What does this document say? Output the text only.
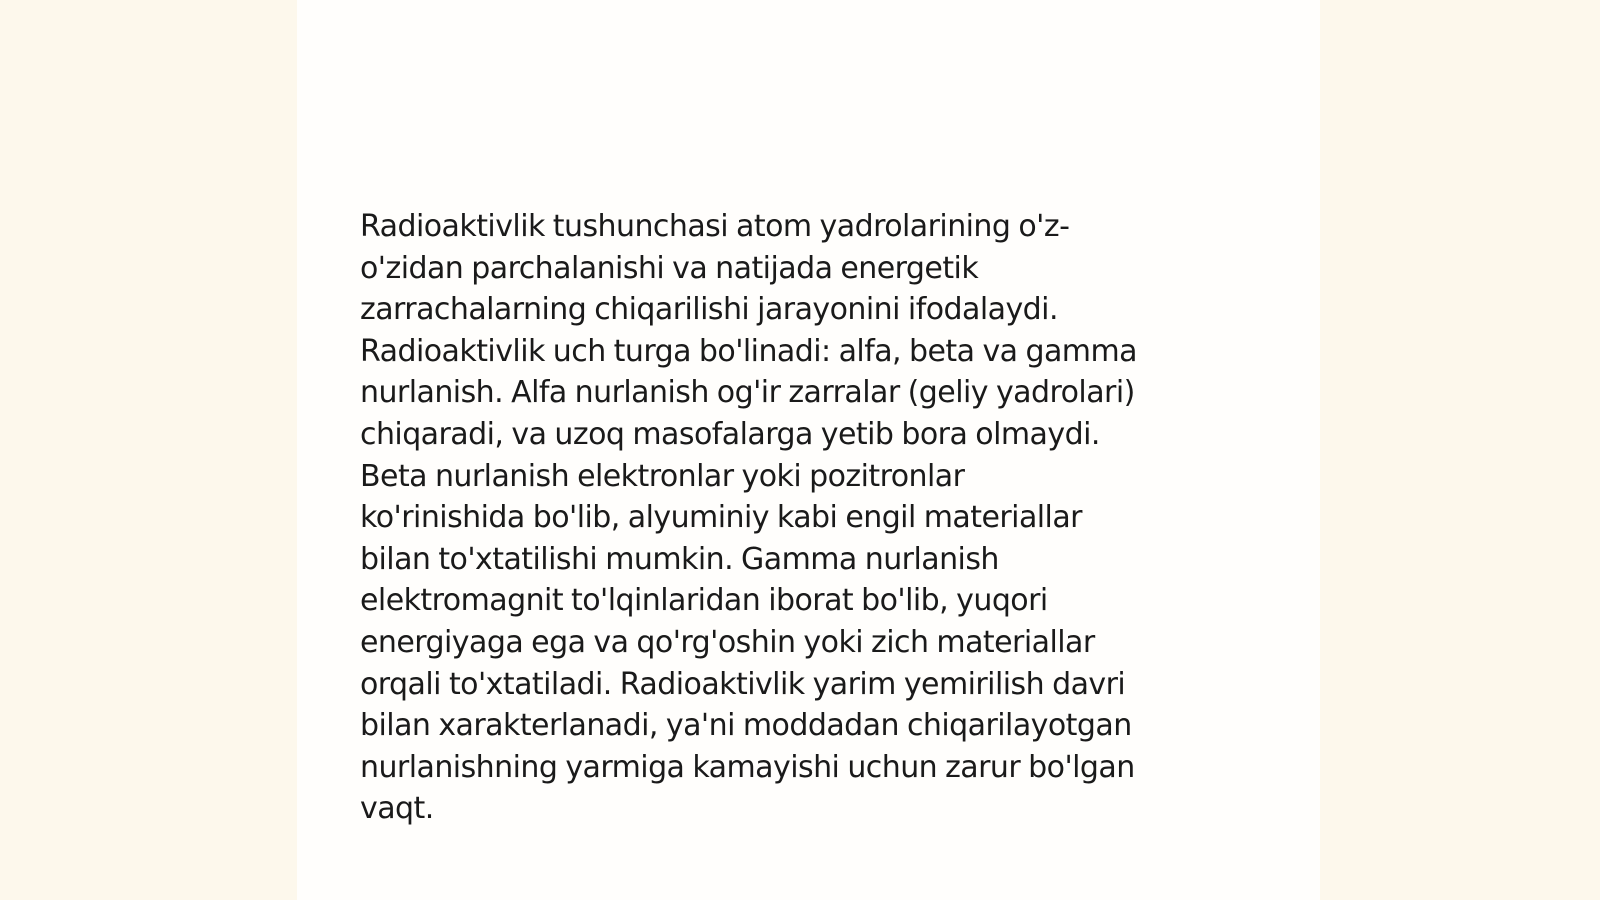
Radioaktivlik tushunchasi atom yadrolarining o'z-
o'zidan parchalanishi va natijada energetik
zarrachalarning chiqarilishi jarayonini ifodalaydi.
Radioaktivlik uch turga bo'linadi: alfa, beta va gamma
nurlanish. Alfa nurlanish og'ir zarralar (geliy yadrolari)
chiqaradi, va uzoq masofalarga yetib bora olmaydi.
Beta nurlanish elektronlar yoki pozitronlar
ko'rinishida bo'lib, alyuminiy kabi engil materiallar
bilan to'xtatilishi mumkin. Gamma nurlanish
elektromagnit to'lqinlaridan iborat bo'lib, yuqori
energiyaga ega va qo'rg'oshin yoki zich materiallar
orqali to'xtatiladi. Radioaktivlik yarim yemirilish davri
bilan xarakterlanadi, ya'ni moddadan chiqarilayotgan
nurlanishning yarmiga kamayishi uchun zarur bo'lgan
vaqt.
